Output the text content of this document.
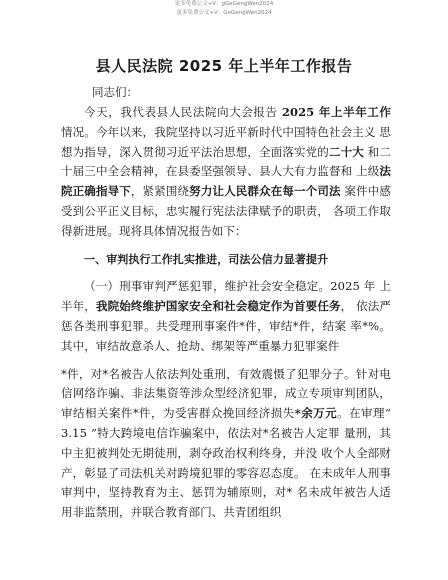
更多免费公文+V：gGeGengWen2024
更多免费公文+V：GeGengWen2024
县人民法院 2025 年上半年工作报告
同志们：

今天，我代表县人民法院向大会报告 2025 年上半年工作 情况。今年以来，我院坚持以习近平新时代中国特色社会主义 思想为指导，深入贯彻习近平法治思想，全面落实党的二十大 和二十届三中全会精神，在县委坚强领导、县人大有力监督和 上级法院正确指导下，紧紧围绕努力让人民群众在每一个司法 案件中感受到公平正义目标，忠实履行宪法法律赋予的职责， 各项工作取得新进展。现将具体情况报告如下：

一、审判执行工作扎实推进，司法公信力显著提升

（一）刑事审判严惩犯罪，维护社会安全稳定。2025 年 上半年，我院始终维护国家安全和社会稳定作为首要任务， 依法严惩各类刑事犯罪。共受理刑事案件*件，审结*件，结案 率*%。其中，审结故意杀人、抢劫、绑架等严重暴力犯罪案件

*件，对*名被告人依法判处重刑，有效震慑了犯罪分子。针对电信网络诈骗、非法集资等涉众型经济犯罪，成立专项审判团队，审结相关案件*件，为受害群众挽回经济损失*余万元。在审理“ 3.15 ”特大跨境电信诈骗案中，依法对*名被告人定罪 量刑，其中主犯被判处无期徒刑，剥夺政治权利终身，并没 收个人全部财产，彰显了司法机关对跨境犯罪的零容忍态度。 在未成年人刑事审判中，坚持教育为主、惩罚为辅原则，对* 名未成年被告人适用非监禁刑，并联合教育部门、共青团组织
